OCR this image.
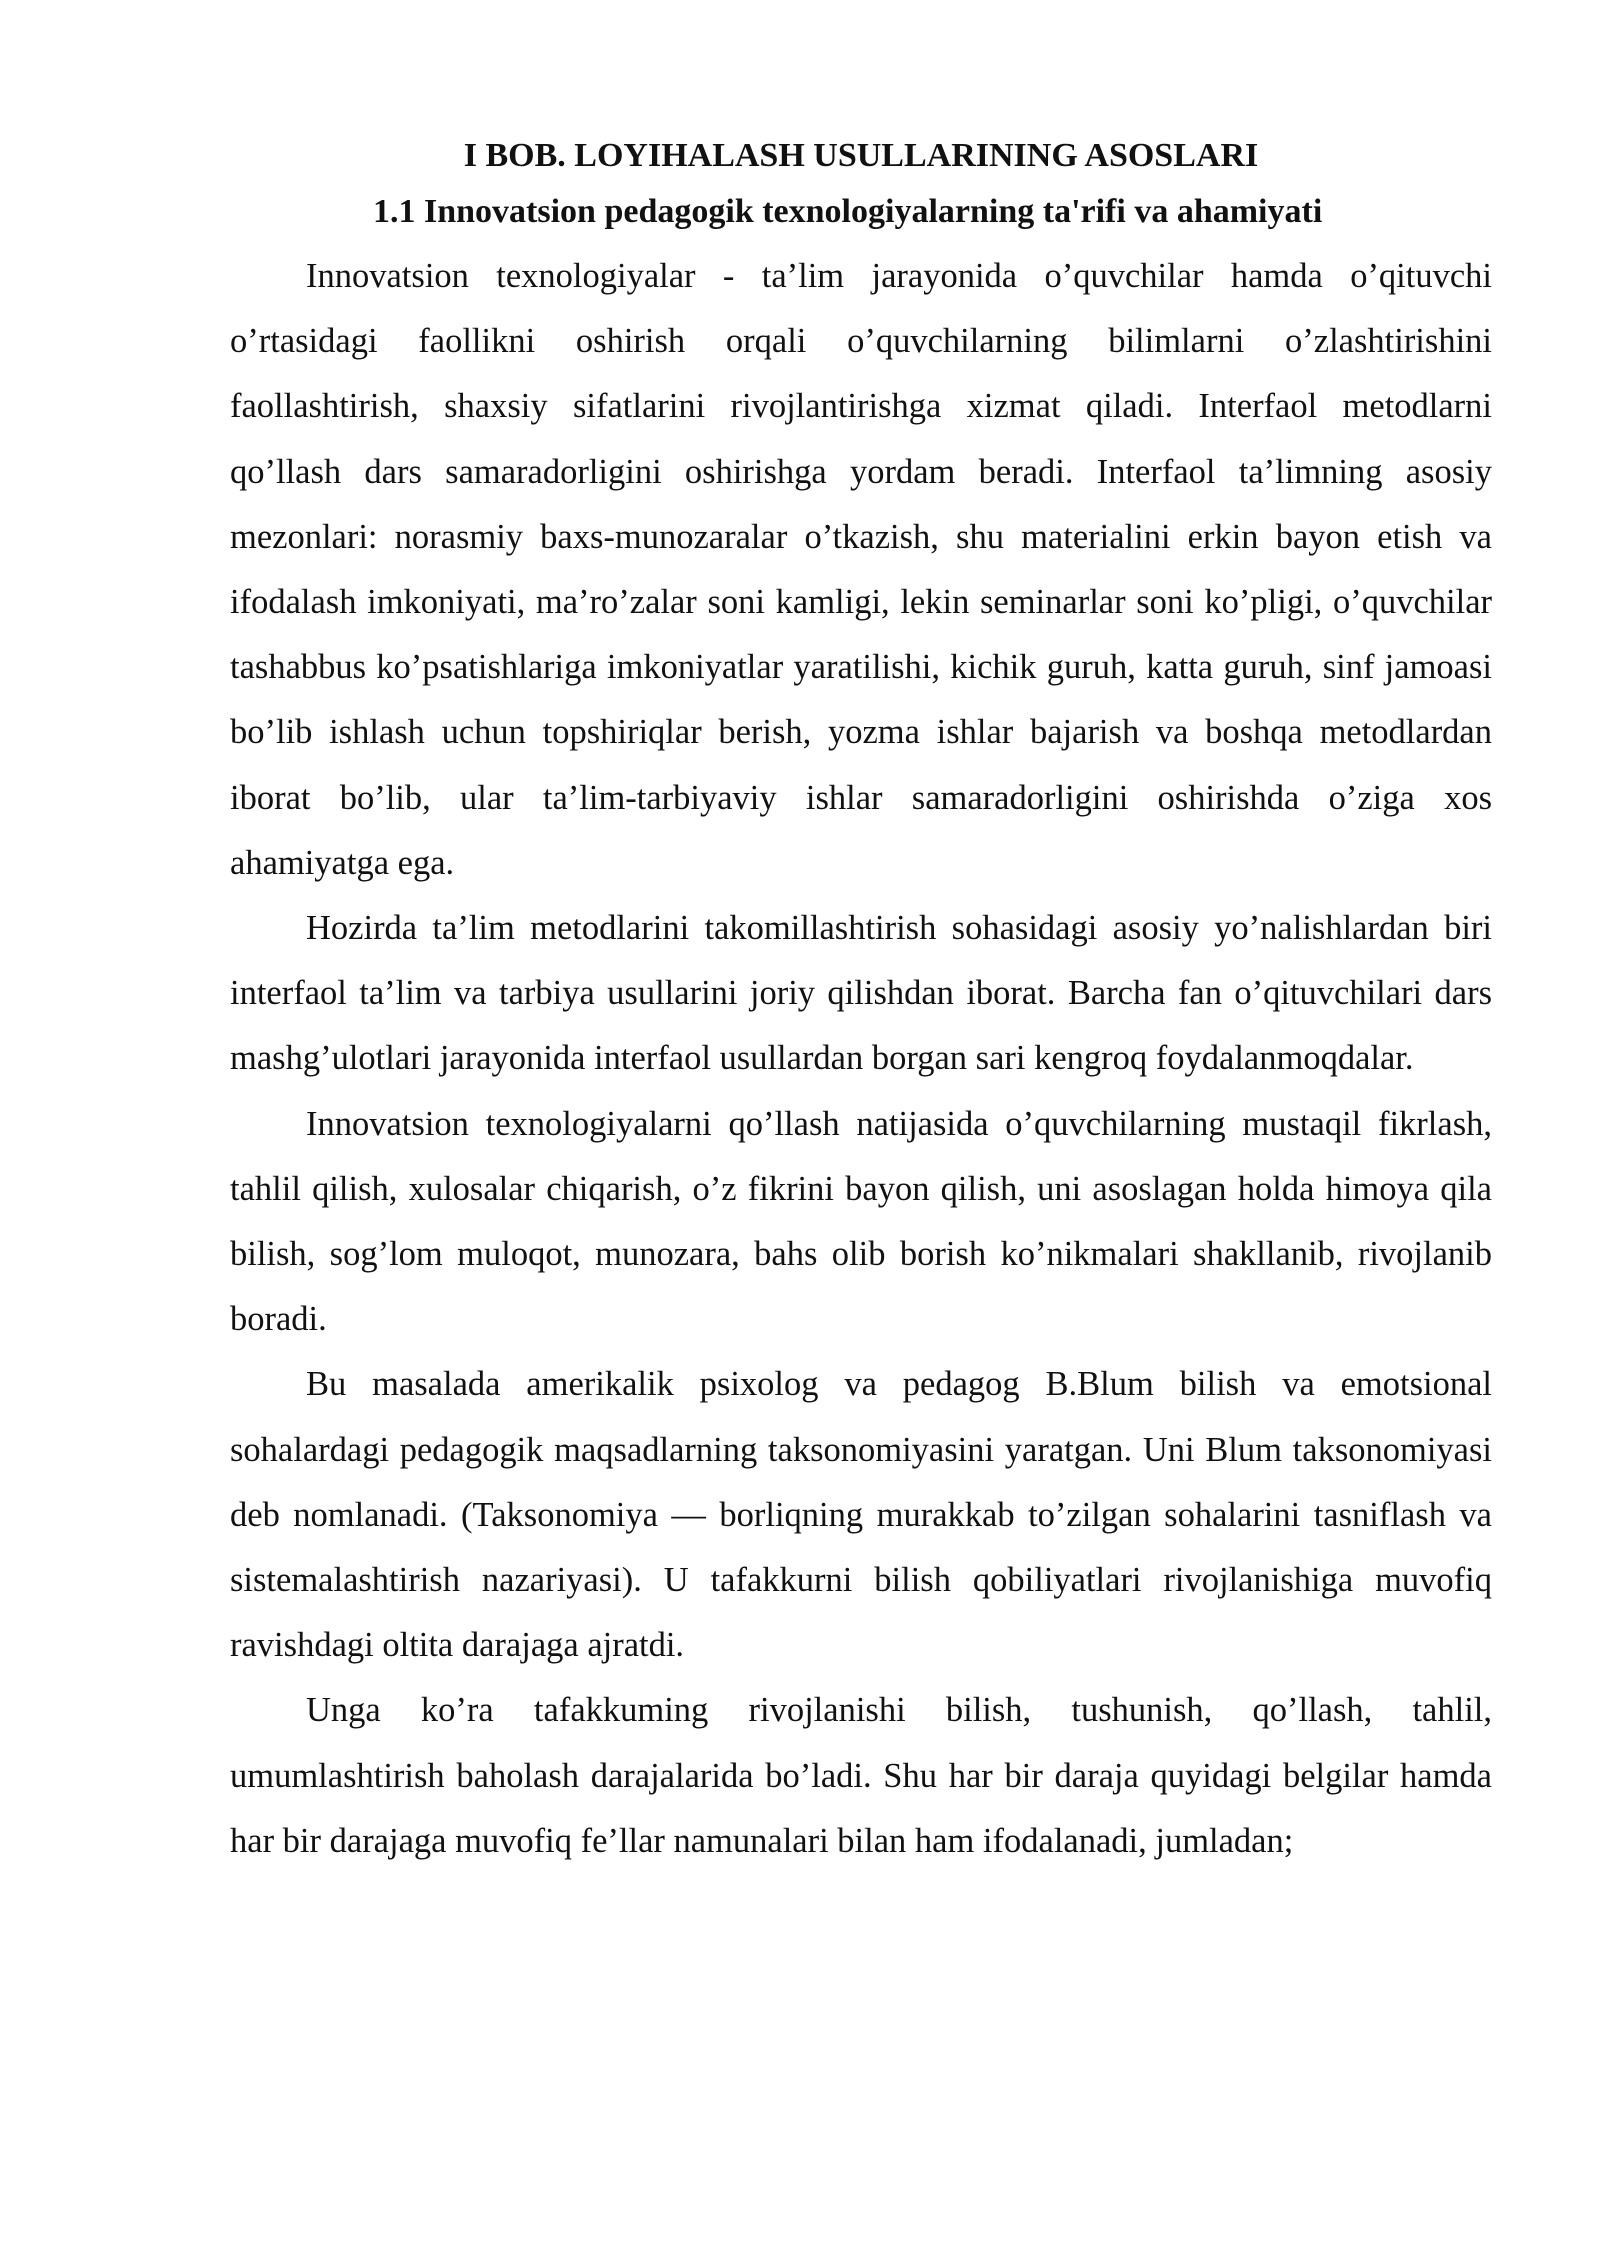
I BOB. LOYIHALASH USULLARINING ASOSLARI
1.1 Innovatsion pedagogik texnologiyalarning ta'rifi va ahamiyati

Innovatsion texnologiyalar - ta’lim jarayonida o’quvchilar hamda o’qituvchi o’rtasidagi faollikni oshirish orqali o’quvchilarning bilimlarni o’zlashtirishini faollashtirish, shaxsiy sifatlarini rivojlantirishga xizmat qiladi. Interfaol metodlarni qo’llash dars samaradorligini oshirishga yordam beradi. Interfaol ta’limning asosiy mezonlari: norasmiy baxs-munozaralar o’tkazish, shu materialini erkin bayon etish va ifodalash imkoniyati, ma’ro’zalar soni kamligi, lekin seminarlar soni ko’pligi, o’quvchilar tashabbus ko’psatishlariga imkoniyatlar yaratilishi, kichik guruh, katta guruh, sinf jamoasi bo’lib ishlash uchun topshiriqlar berish, yozma ishlar bajarish va boshqa metodlardan iborat bo’lib, ular ta’lim-tarbiyaviy ishlar samaradorligini oshirishda o’ziga xos ahamiyatga ega.

Hozirda ta’lim metodlarini takomillashtirish sohasidagi asosiy yo’nalishlardan biri interfaol ta’lim va tarbiya usullarini joriy qilishdan iborat. Barcha fan o’qituvchilari dars mashg’ulotlari jarayonida interfaol usullardan borgan sari kengroq foydalanmoqdalar.

Innovatsion texnologiyalarni qo’llash natijasida o’quvchilarning mustaqil fikrlash, tahlil qilish, xulosalar chiqarish, o’z fikrini bayon qilish, uni asoslagan holda himoya qila bilish, sog’lom muloqot, munozara, bahs olib borish ko’nikmalari shakllanib, rivojlanib boradi.

Bu masalada amerikalik psixolog va pedagog B.Blum bilish va emotsional sohalardagi pedagogik maqsadlarning taksonomiyasini yaratgan. Uni Blum taksonomiyasi deb nomlanadi. (Taksonomiya — borliqning murakkab to’zilgan sohalarini tasniflash va sistemalashtirish nazariyasi). U tafakkurni bilish qobiliyatlari rivojlanishiga muvofiq ravishdagi oltita darajaga ajratdi.

Unga ko’ra tafakkuming rivojlanishi bilish, tushunish, qo’llash, tahlil, umumlashtirish baholash darajalarida bo’ladi. Shu har bir daraja quyidagi belgilar hamda har bir darajaga muvofiq fe’llar namunalari bilan ham ifodalanadi, jumladan;
